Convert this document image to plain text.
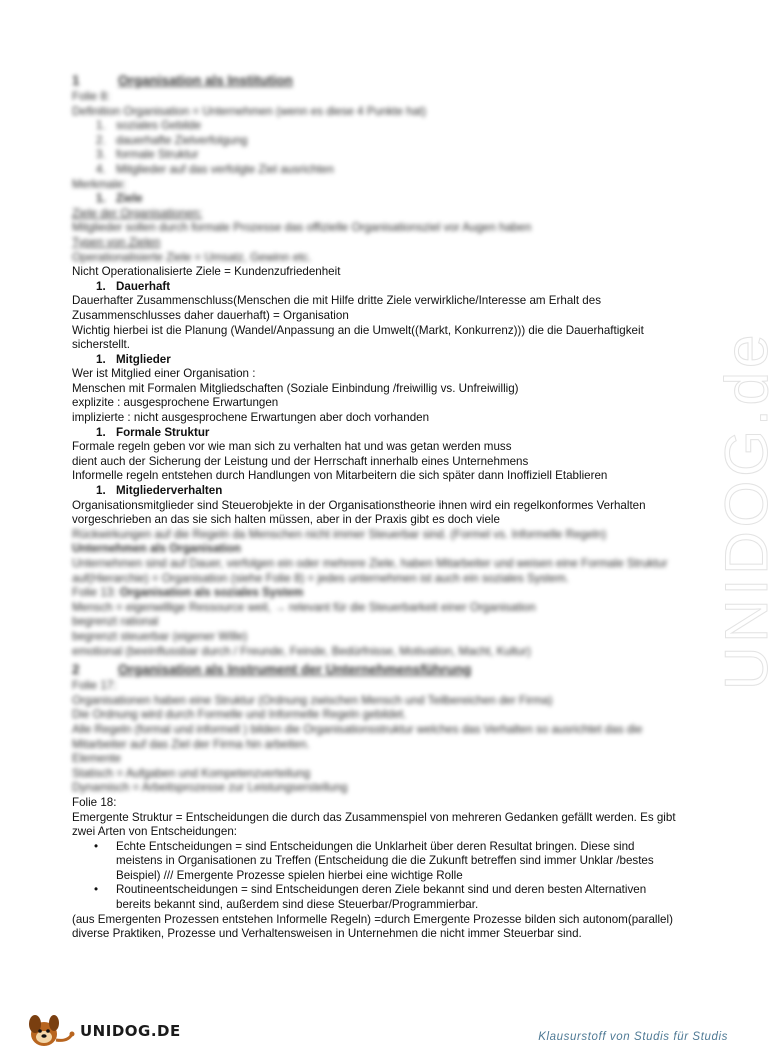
UNIDOG.de
1	Organisation als Institution
Folie 8:
Definition Organisation = Unternehmen (wenn es diese 4 Punkte hat)
1. soziales Gebilde
2. dauerhafte Zielverfolgung
3. formale Struktur
4. Mitglieder auf das verfolgte Ziel ausrichten
Merkmale:
1. Ziele
Ziele der Organisationen:
Mitglieder sollen durch formale Prozesse das offizielle Organisationsziel vor Augen haben
Typen von Zielen
Operationalisierte Ziele = Umsatz, Gewinn etc.
Nicht Operationalisierte Ziele = Kundenzufriedenheit
1. Dauerhaft
Dauerhafter Zusammenschluss(Menschen die mit Hilfe dritte Ziele verwirkliche/Interesse am Erhalt des Zusammenschlusses daher dauerhaft) = Organisation
Wichtig hierbei ist die Planung (Wandel/Anpassung an die Umwelt((Markt, Konkurrenz))) die die Dauerhaftigkeit sicherstellt.
1. Mitglieder
Wer ist Mitglied einer Organisation :
Menschen mit Formalen Mitgliedschaften (Soziale Einbindung /freiwillig vs. Unfreiwillig)
explizite : ausgesprochene Erwartungen
implizierte : nicht ausgesprochene Erwartungen aber doch vorhanden
1. Formale Struktur
Formale regeln geben vor wie man sich zu verhalten hat und was getan werden muss
dient auch der Sicherung der Leistung und der Herrschaft innerhalb eines Unternehmens
Informelle regeln entstehen durch Handlungen von Mitarbeitern die sich später dann Inoffiziell Etablieren
1. Mitgliederverhalten
Organisationsmitglieder sind Steuerobjekte in der Organisationstheorie ihnen wird ein regelkonformes Verhalten vorgeschrieben an das sie sich halten müssen, aber in der Praxis gibt es doch viele
Rückwirkungen auf die Regeln da Menschen nicht immer Steuerbar sind. (Formel vs. Informelle Regeln)
Unternehmen als Organisation
Unternehmen sind auf Dauer, verfolgen ein oder mehrere Ziele, haben Mitarbeiter und weisen eine Formale Struktur auf(Hierarchie) = Organisation (siehe Folie 8) = jedes unternehmen ist auch ein soziales System.
Folie 13: Organisation als soziales System
Mensch = eigenwillige Ressource weil, → relevant für die Steuerbarkeit einer Organisation
begrenzt rational
begrenzt steuerbar (eigener Wille)
emotional (beeinflussbar durch / Freunde, Feinde, Bedürfnisse, Motivation, Macht, Kultur)
2	Organisation als Instrument der Unternehmensführung
Folie 17:
Organisationen haben eine Struktur (Ordnung zwischen Mensch und Teilbereichen der Firma)
Die Ordnung wird durch Formelle und Informelle Regeln gebildet.
Alle Regeln (formal und informell ) bilden die Organisationsstruktur welches das Verhalten so ausrichtet das die Mitarbeiter auf das Ziel der Firma hin arbeiten.
Elemente
Statisch = Aufgaben und Kompetenzverteilung
Dynamisch = Arbeitsprozesse zur Leistungserstellung
Folie 18:
Emergente Struktur = Entscheidungen die durch das Zusammenspiel von mehreren Gedanken gefällt werden. Es gibt zwei Arten von Entscheidungen:
• Echte Entscheidungen = sind Entscheidungen die Unklarheit über deren Resultat bringen. Diese sind meistens in Organisationen zu Treffen (Entscheidung die die Zukunft betreffen sind immer Unklar /bestes Beispiel) /// Emergente Prozesse spielen hierbei eine wichtige Rolle
• Routineentscheidungen = sind Entscheidungen deren Ziele bekannt sind und deren besten Alternativen bereits bekannt sind, außerdem sind diese Steuerbar/Programmierbar.
(aus Emergenten Prozessen entstehen Informelle Regeln) =durch Emergente Prozesse bilden sich autonom(parallel) diverse Praktiken, Prozesse und Verhaltensweisen in Unternehmen die nicht immer Steuerbar sind.
UNIDOG.DE	Klausurstoff von Studis für Studis
